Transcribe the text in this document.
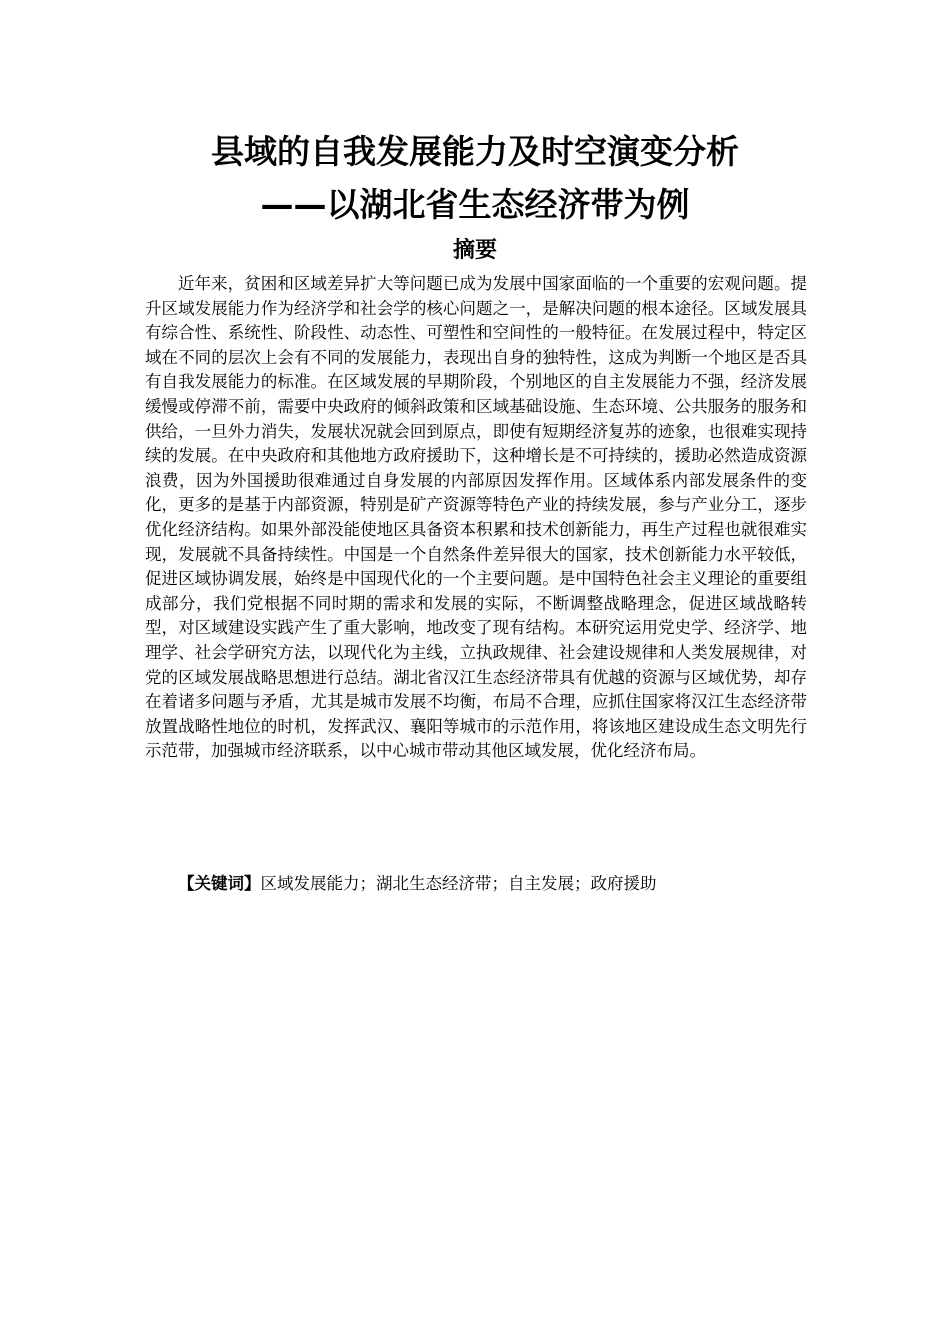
县域的自我发展能力及时空演变分析
——以湖北省生态经济带为例
摘要

近年来，贫困和区域差异扩大等问题已成为发展中国家面临的一个重要的宏观问题。提升区域发展能力作为经济学和社会学的核心问题之一，是解决问题的根本途径。区域发展具有综合性、系统性、阶段性、动态性、可塑性和空间性的一般特征。在发展过程中，特定区域在不同的层次上会有不同的发展能力，表现出自身的独特性，这成为判断一个地区是否具有自我发展能力的标准。在区域发展的早期阶段，个别地区的自主发展能力不强，经济发展缓慢或停滞不前，需要中央政府的倾斜政策和区域基础设施、生态环境、公共服务的服务和供给，一旦外力消失，发展状况就会回到原点，即使有短期经济复苏的迹象，也很难实现持续的发展。在中央政府和其他地方政府援助下，这种增长是不可持续的，援助必然造成资源浪费，因为外国援助很难通过自身发展的内部原因发挥作用。区域体系内部发展条件的变化，更多的是基于内部资源，特别是矿产资源等特色产业的持续发展，参与产业分工，逐步优化经济结构。如果外部没能使地区具备资本积累和技术创新能力，再生产过程也就很难实现，发展就不具备持续性。中国是一个自然条件差异很大的国家，技术创新能力水平较低，促进区域协调发展，始终是中国现代化的一个主要问题。是中国特色社会主义理论的重要组成部分，我们党根据不同时期的需求和发展的实际，不断调整战略理念，促进区域战略转型，对区域建设实践产生了重大影响，地改变了现有结构。本研究运用党史学、经济学、地理学、社会学研究方法，以现代化为主线，立执政规律、社会建设规律和人类发展规律，对党的区域发展战略思想进行总结。湖北省汉江生态经济带具有优越的资源与区域优势，却存在着诸多问题与矛盾，尤其是城市发展不均衡，布局不合理，应抓住国家将汉江生态经济带放置战略性地位的时机，发挥武汉、襄阳等城市的示范作用，将该地区建设成生态文明先行示范带，加强城市经济联系，以中心城市带动其他区域发展，优化经济布局。

【关键词】区域发展能力；湖北生态经济带；自主发展；政府援助
